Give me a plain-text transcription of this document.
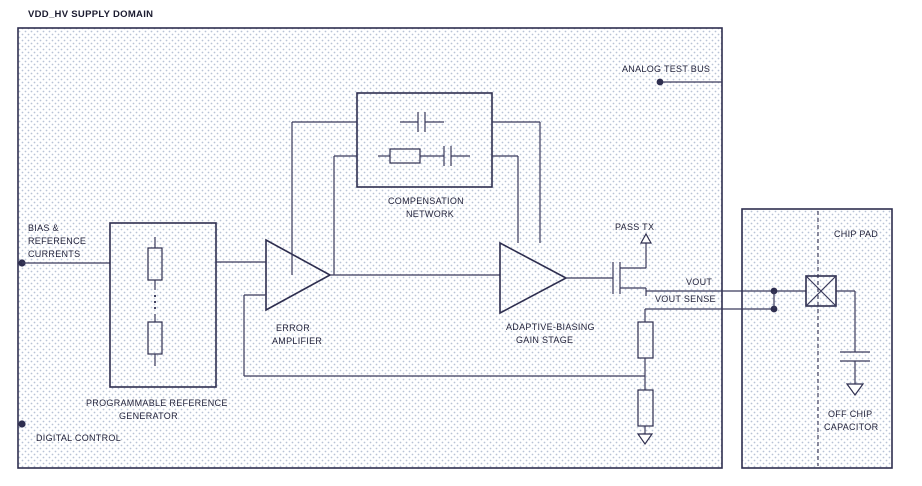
VDD_HV SUPPLY DOMAIN
ANALOG TEST BUS
BIAS &
REFERENCE
CURRENTS
DIGITAL CONTROL
PROGRAMMABLE REFERENCE
GENERATOR
ERROR
AMPLIFIER
COMPENSATION
NETWORK
ADAPTIVE-BIASING
GAIN STAGE
PASS TX
VOUT
VOUT SENSE
CHIP PAD
OFF CHIP
CAPACITOR
